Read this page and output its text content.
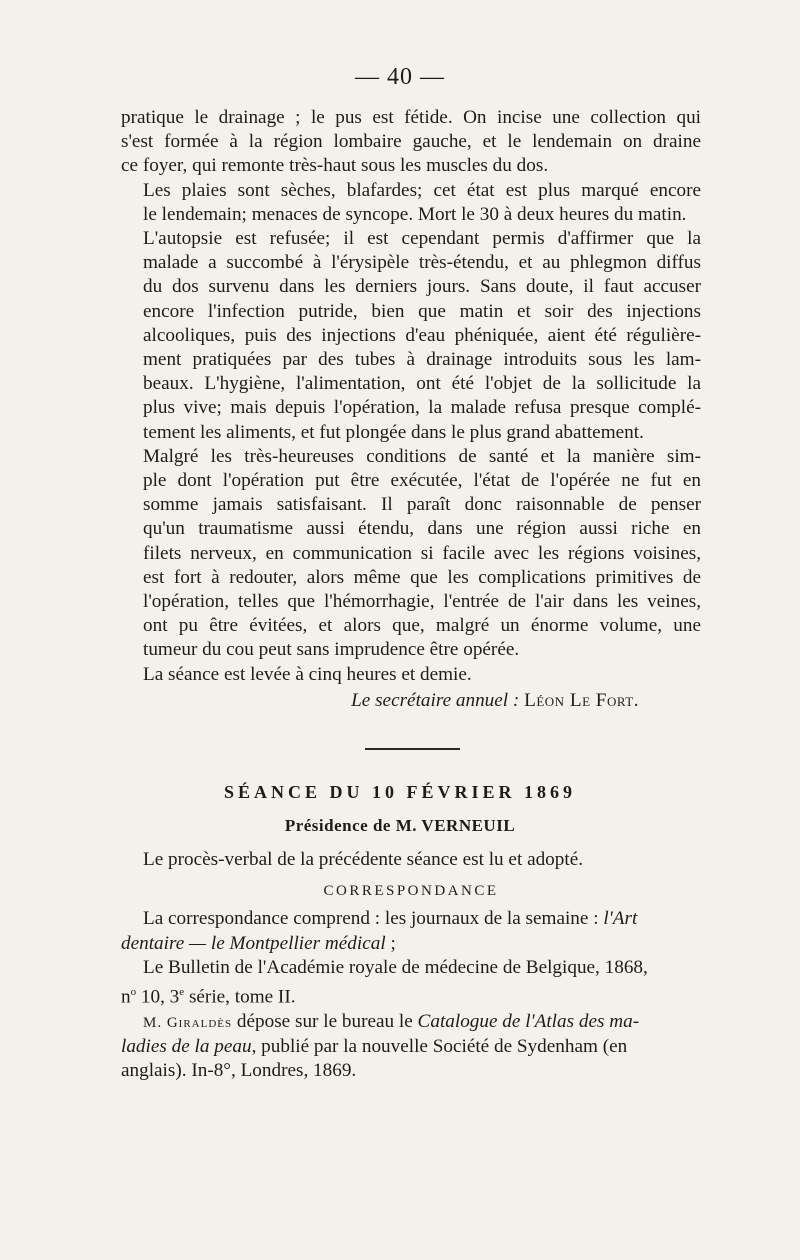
— 40 —

pratique le drainage ; le pus est fétide. On incise une collection qui
s'est formée à la région lombaire gauche, et le lendemain on draine
ce foyer, qui remonte très-haut sous les muscles du dos.

Les plaies sont sèches, blafardes; cet état est plus marqué encore
le lendemain; menaces de syncope. Mort le 30 à deux heures du matin.

L'autopsie est refusée; il est cependant permis d'affirmer que la
malade a succombé à l'érysipèle très-étendu, et au phlegmon diffus
du dos survenu dans les derniers jours. Sans doute, il faut accuser
encore l'infection putride, bien que matin et soir des injections
alcooliques, puis des injections d'eau phéniquée, aient été régulière-
ment pratiquées par des tubes à drainage introduits sous les lam-
beaux. L'hygiène, l'alimentation, ont été l'objet de la sollicitude la
plus vive; mais depuis l'opération, la malade refusa presque complé-
tement les aliments, et fut plongée dans le plus grand abattement.

Malgré les très-heureuses conditions de santé et la manière sim-
ple dont l'opération put être exécutée, l'état de l'opérée ne fut en
somme jamais satisfaisant. Il paraît donc raisonnable de penser
qu'un traumatisme aussi étendu, dans une région aussi riche en
filets nerveux, en communication si facile avec les régions voisines,
est fort à redouter, alors même que les complications primitives de
l'opération, telles que l'hémorrhagie, l'entrée de l'air dans les veines,
ont pu être évitées, et alors que, malgré un énorme volume, une
tumeur du cou peut sans imprudence être opérée.

La séance est levée à cinq heures et demie.

Le secrétaire annuel : Léon Le Fort.
SÉANCE DU 10 FÉVRIER 1869
Présidence de M. VERNEUIL

Le procès-verbal de la précédente séance est lu et adopté.

CORRESPONDANCE

La correspondance comprend : les journaux de la semaine : l'Art
dentaire — le Montpellier médical ;

Le Bulletin de l'Académie royale de médecine de Belgique, 1868,
$n^o$ 10, 3e série, tome II.

M. Giraldès dépose sur le bureau le Catalogue de l'Atlas des ma-
ladies de la peau, publié par la nouvelle Société de Sydenham (en
anglais). In-8°, Londres, 1869.
